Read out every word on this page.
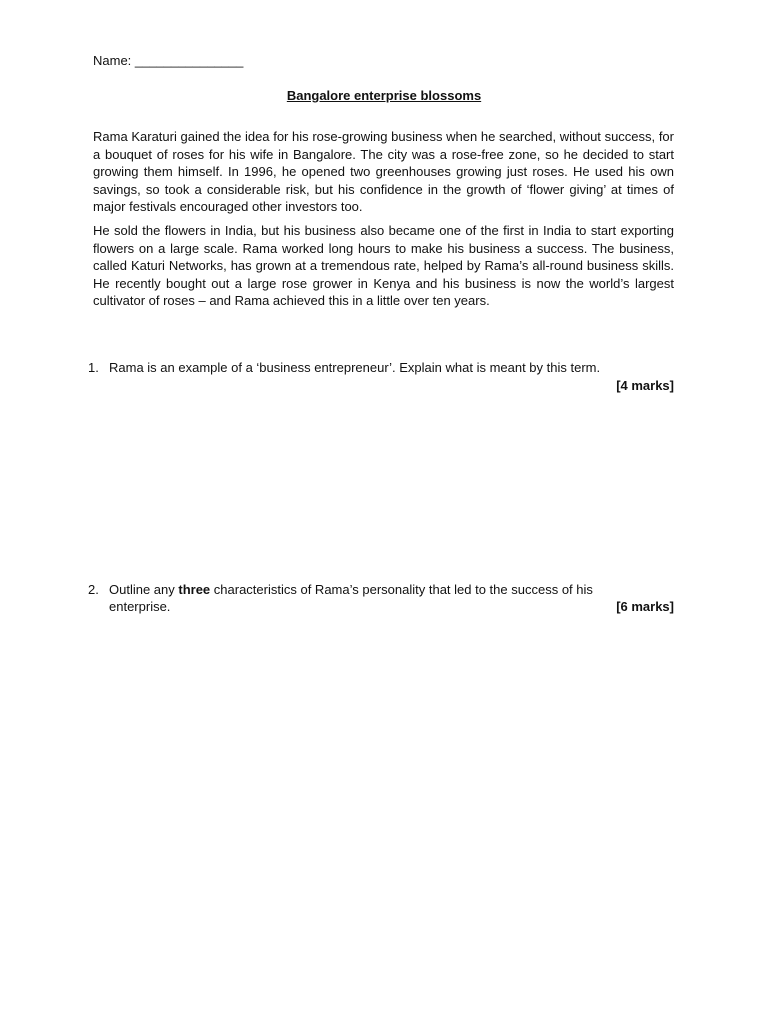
Name: _______________
Bangalore enterprise blossoms

Rama Karaturi gained the idea for his rose-growing business when he searched, without success, for a bouquet of roses for his wife in Bangalore. The city was a rose-free zone, so he decided to start growing them himself. In 1996, he opened two greenhouses growing just roses. He used his own savings, so took a considerable risk, but his confidence in the growth of ‘flower giving’ at times of major festivals encouraged other investors too.

He sold the flowers in India, but his business also became one of the first in India to start exporting flowers on a large scale. Rama worked long hours to make his business a success. The business, called Katuri Networks, has grown at a tremendous rate, helped by Rama’s all-round business skills. He recently bought out a large rose grower in Kenya and his business is now the world’s largest cultivator of roses – and Rama achieved this in a little over ten years.

1. Rama is an example of a ‘business entrepreneur’. Explain what is meant by this term.
[4 marks]
2. Outline any three characteristics of Rama’s personality that led to the success of his
enterprise.	[6 marks]
